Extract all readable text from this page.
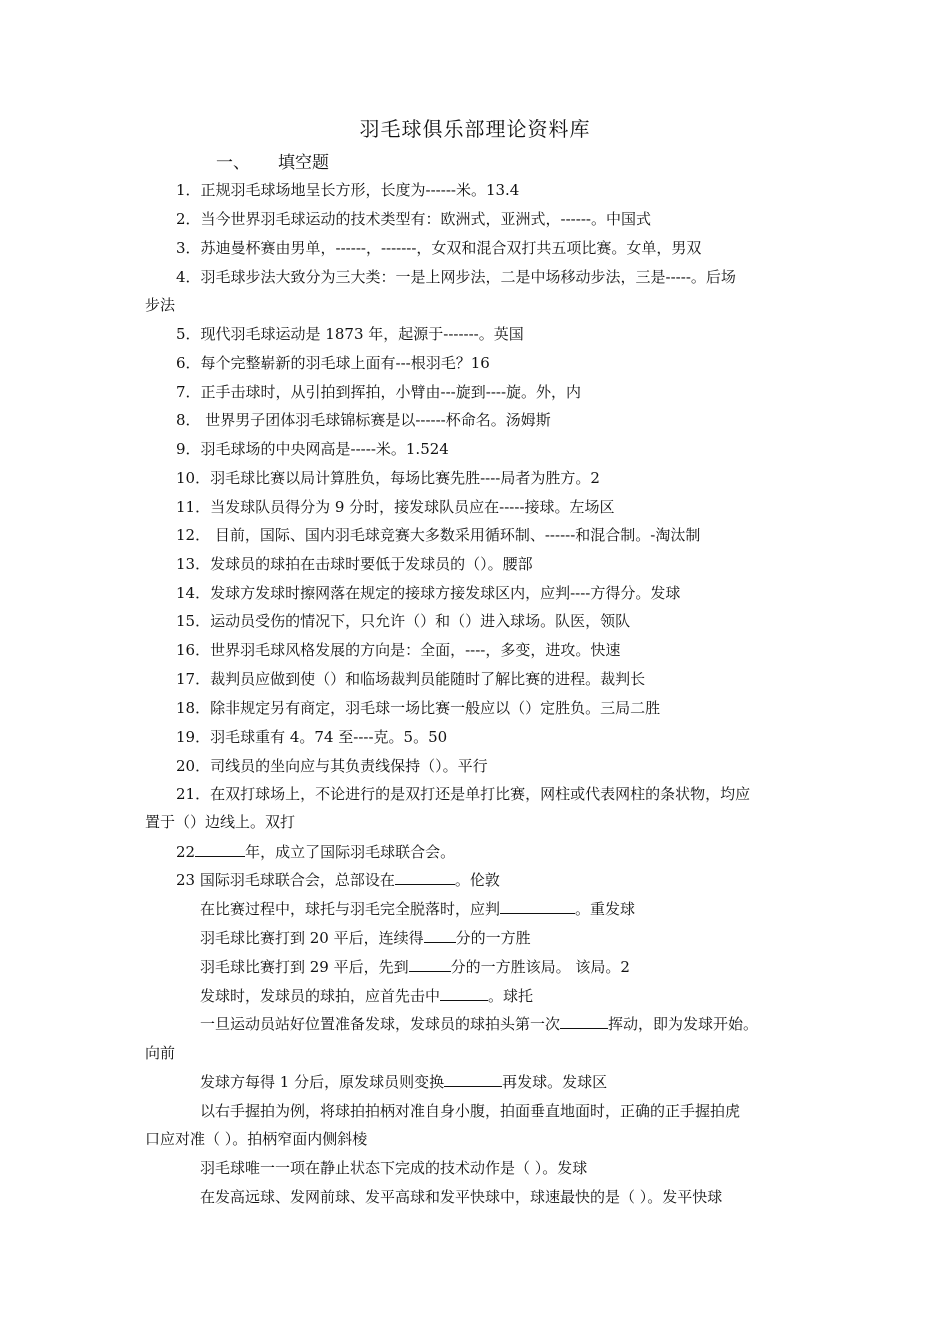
羽毛球俱乐部理论资料库
一、 填空题
1．正规羽毛球场地呈长方形，长度为------米。13.4
2．当今世界羽毛球运动的技术类型有：欧洲式，亚洲式，------。中国式
3．苏迪曼杯赛由男单，------，-------，女双和混合双打共五项比赛。女单，男双
4．羽毛球步法大致分为三大类：一是上网步法，二是中场移动步法，三是-----。后场
步法
5．现代羽毛球运动是 1873 年，起源于-------。英国
6．每个完整崭新的羽毛球上面有---根羽毛？16
7．正手击球时，从引拍到挥拍，小臂由---旋到----旋。外，内
8． 世界男子团体羽毛球锦标赛是以------杯命名。汤姆斯
9．羽毛球场的中央网高是-----米。1.524
10．羽毛球比赛以局计算胜负，每场比赛先胜----局者为胜方。2
11．当发球队员得分为 9 分时，接发球队员应在-----接球。左场区
12． 目前，国际、国内羽毛球竞赛大多数采用循环制、------和混合制。-淘汰制
13．发球员的球拍在击球时要低于发球员的（）。腰部
14．发球方发球时擦网落在规定的接球方接发球区内，应判----方得分。发球
15．运动员受伤的情况下，只允许（）和（）进入球场。队医，领队
16．世界羽毛球风格发展的方向是：全面，----，多变，进攻。快速
17．裁判员应做到使（）和临场裁判员能随时了解比赛的进程。裁判长
18．除非规定另有商定，羽毛球一场比赛一般应以（）定胜负。三局二胜
19．羽毛球重有 4。74 至----克。5。50
20．司线员的坐向应与其负责线保持（）。平行
21．在双打球场上，不论进行的是双打还是单打比赛，网柱或代表网柱的条状物，均应
置于（）边线上。双打
22	年，成立了国际羽毛球联合会。
23 国际羽毛球联合会，总部设在	。伦敦
在比赛过程中，球托与羽毛完全脱落时，应判	。重发球
羽毛球比赛打到 20 平后，连续得 分的一方胜
羽毛球比赛打到 29 平后，先到	分的一方胜该局。 该局。2
发球时，发球员的球拍，应首先击中	。球托
一旦运动员站好位置准备发球，发球员的球拍头第一次	挥动，即为发球开始。
向前
发球方每得 1 分后，原发球员则变换	再发球。发球区
以右手握拍为例，将球拍拍柄对准自身小腹，拍面垂直地面时，正确的正手握拍虎
口应对准（ ）。拍柄窄面内侧斜棱
羽毛球唯一一项在静止状态下完成的技术动作是（ ）。发球
在发高远球、发网前球、发平高球和发平快球中，球速最快的是（ ）。发平快球
